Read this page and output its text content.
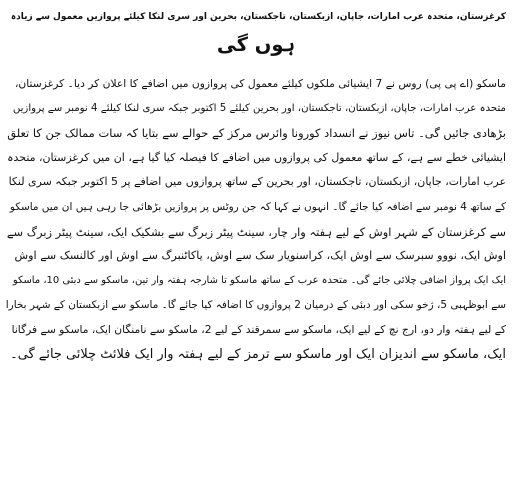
کرغزستان، متحدہ عرب امارات، جاپان، ازبکستان، تاجکستان، بحرین اور سری لنکا کیلئے پروازیں معمول سے زیادہ
ہوں گی
ماسکو (اے پی پی) روس نے 7 ایشیائی ملکوں کیلئے معمول کی پروازوں میں اضافے کا اعلان کر دیا۔ کرغزستان،
متحدہ عرب امارات، جاپان، ازبکستان، تاجکستان، اور بحرین کیلئے 5 اکتوبر جبکہ سری لنکا کیلئے 4 نومبر سے پروازیں
بڑھادی جائیں گی۔ تاس نیوز نے انسداد کورونا وائرس مرکز کے حوالے سے بتایا کہ سات ممالک جن کا تعلق
ایشیائی خطے سے ہے، کے ساتھ معمول کی پروازوں میں اضافے کا فیصلہ کیا گیا ہے، ان میں کرغزستان، متحدہ
عرب امارات، جاپان، ازبکستان، تاجکستان، اور بحرین کے ساتھ پروازوں میں اضافے پر 5 اکتوبر جبکہ سری لنکا
کے ساتھ 4 نومبر سے اضافہ کیا جائے گا۔ انہوں نے کہا کہ جن روٹس پر پروازیں بڑھائی جا رہی ہیں ان میں ماسکو
سے کرغزستان کے شہر اوش کے لیے ہفتہ وار چار، سینٹ پیٹر زبرگ سے بشکیک ایک، سینٹ پیٹر زبرگ سے
اوش ایک، نووو سبرسک سے اوش ایک، کراسنویار سک سے اوش، یاکاٹنبرگ سے اوش اور کالنسک سے اوش
ایک ایک پرواز اضافی چلائی جائے گی۔ متحدہ عرب کے ساتھ ماسکو تا شارجہ ہفتہ وار تین، ماسکو سے دبئی 10، ماسکو
سے ابوظہبی 5، ژخو سکی اور دبئی کے درمیان 2 پروازوں کا اضافہ کیا جائے گا۔ ماسکو سے ازبکستان کے شہر بخارا
کے لیے ہفتہ وار دو، ارج نچ کے لیے ایک، ماسکو سے سمرقند کے لیے 2، ماسکو سے نامنگان ایک، ماسکو سے فرگانا
ایک، ماسکو سے اندیزان ایک اور ماسکو سے ترمز کے لیے ہفتہ وار ایک فلائٹ چلائی جائے گی۔
